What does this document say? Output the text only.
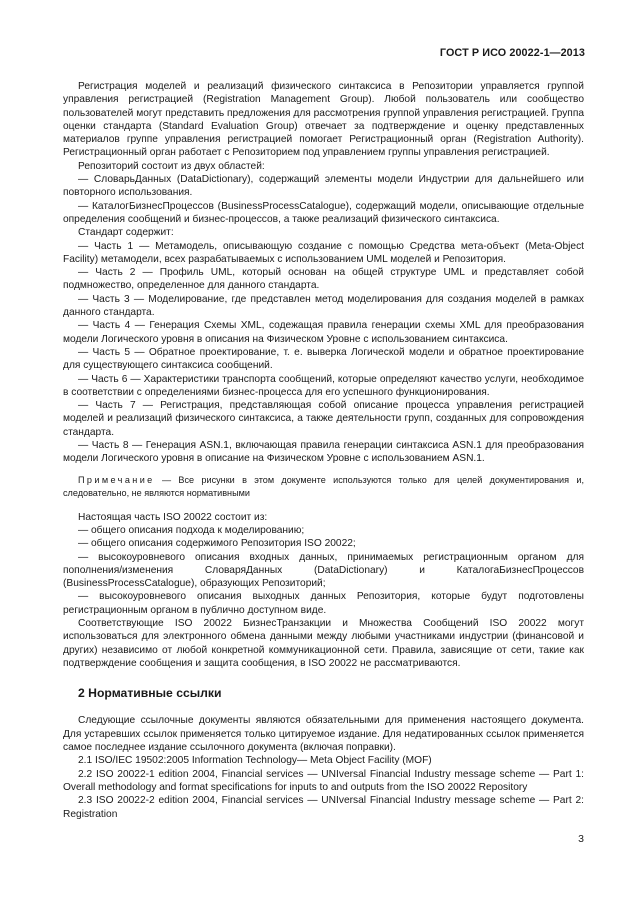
ГОСТ Р ИСО 20022-1—2013

Регистрация моделей и реализаций физического синтаксиса в Репозитории управляется группой управления регистрацией (Registration Management Group). Любой пользователь или сообщество пользователей могут представить предложения для рассмотрения группой управления регистрацией. Группа оценки стандарта (Standard Evaluation Group) отвечает за подтверждение и оценку представленных материалов группе управления регистрацией помогает Регистрационный орган (Registration Authority). Регистрационный орган работает с Репозиторием под управлением группы управления регистрацией.

Репозиторий состоит из двух областей:

— СловарьДанных (DataDictionary), содержащий элементы модели Индустрии для дальнейшего или повторного использования.

— КаталогБизнесПроцессов (BusinessProcessCatalogue), содержащий модели, описывающие отдельные определения сообщений и бизнес-процессов, а также реализаций физического синтаксиса.

Стандарт содержит:

— Часть 1 — Метамодель, описывающую создание с помощью Средства мета-объект (Meta-Object Facility) метамодели, всех разрабатываемых с использованием UML моделей и Репозитория.

— Часть 2 — Профиль UML, который основан на общей структуре UML и представляет собой подмножество, определенное для данного стандарта.

— Часть 3 — Моделирование, где представлен метод моделирования для создания моделей в рамках данного стандарта.

— Часть 4 — Генерация Схемы XML, содежащая правила генерации схемы XML для преобразования модели Логического уровня в описания на Физическом Уровне с использованием синтаксиса.

— Часть 5 — Обратное проектирование, т. е. выверка Логической модели и обратное проектирование для существующего синтаксиса сообщений.

— Часть 6 — Характеристики транспорта сообщений, которые определяют качество услуги, необходимое в соответствии с определениями бизнес-процесса для его успешного функционирования.

— Часть 7 — Регистрация, представляющая собой описание процесса управления регистрацией моделей и реализаций физического синтаксиса, а также деятельности групп, созданных для сопровождения стандарта.

— Часть 8 — Генерация ASN.1, включающая правила генерации синтаксиса ASN.1 для преобразования модели Логического уровня в описание на Физическом Уровне с использованием ASN.1.

Примечание — Все рисунки в этом документе используются только для целей документирования и, следовательно, не являются нормативными

Настоящая часть ISO 20022 состоит из:

— общего описания подхода к моделированию;

— общего описания содержимого Репозитория ISO 20022;

— высокоуровневого описания входных данных, принимаемых регистрационным органом для пополнения/изменения СловаряДанных (DataDictionary) и КаталогаБизнесПроцессов (BusinessProcessCatalogue), образующих Репозиторий;

— высокоуровневого описания выходных данных Репозитория, которые будут подготовлены регистрационным органом в публично доступном виде.

Соответствующие ISO 20022 БизнесТранзакции и Множества Сообщений ISO 20022 могут использоваться для электронного обмена данными между любыми участниками индустрии (финансовой и других) независимо от любой конкретной коммуникационной сети. Правила, зависящие от сети, такие как подтверждение сообщения и защита сообщения, в ISO 20022 не рассматриваются.

2 Нормативные ссылки

Следующие ссылочные документы являются обязательными для применения настоящего документа. Для устаревших ссылок применяется только цитируемое издание. Для недатированных ссылок применяется самое последнее издание ссылочного документа (включая поправки).

2.1 ISO/IEC 19502:2005 Information Technology— Meta Object Facility (MOF)

2.2 ISO 20022-1 edition 2004, Financial services — UNIversal Financial Industry message scheme — Part 1: Overall methodology and format specifications for inputs to and outputs from the ISO 20022 Repository

2.3 ISO 20022-2 edition 2004, Financial services — UNIversal Financial Industry message scheme — Part 2: Registration

3
